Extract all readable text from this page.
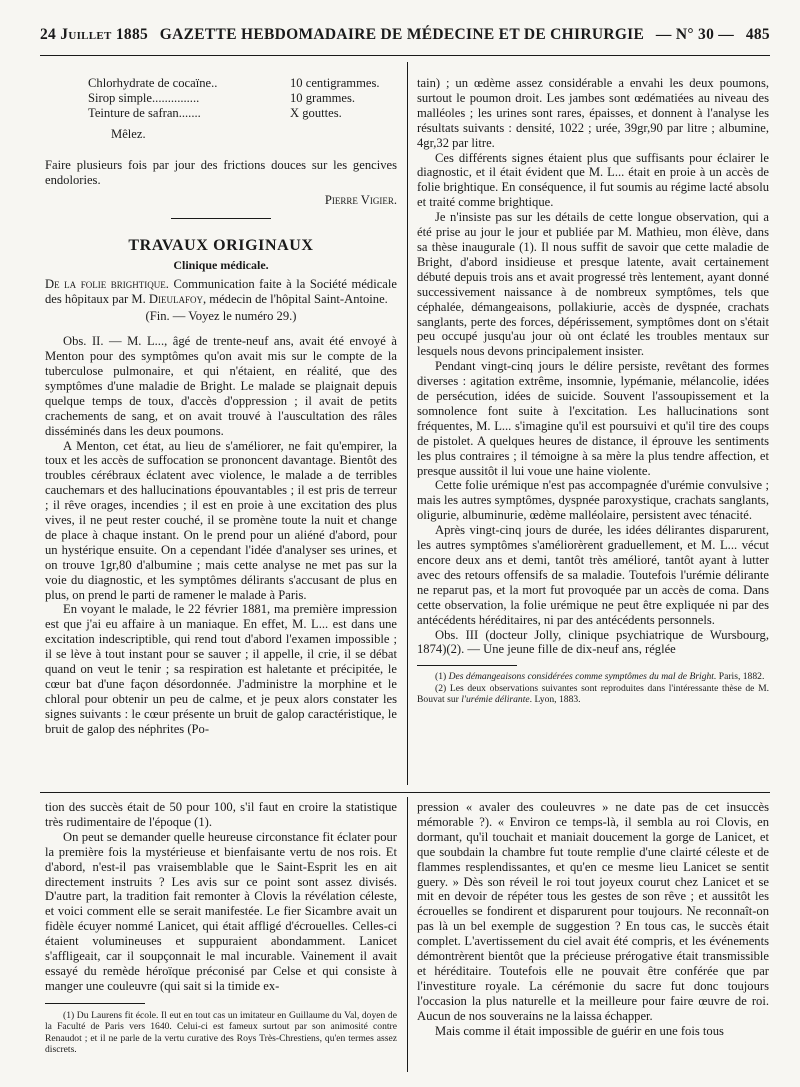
24 Juillet 1885 GAZETTE HEBDOMADAIRE DE MÉDECINE ET DE CHIRURGIE — N° 30 — 485
Chlorhydrate de cocaïne..	10 centigrammes.
Sirop simple...............	10 grammes.
Teinture de safran.......	X gouttes.

Mêlez.

Faire plusieurs fois par jour des frictions douces sur les gencives endolories.

Pierre Vigier.

TRAVAUX ORIGINAUX
Clinique médicale.

De la folie brightique. Communication faite à la Société médicale des hôpitaux par M. Dieulafoy, médecin de l'hôpital Saint-Antoine.

(Fin. — Voyez le numéro 29.)

Obs. II. — M. L..., âgé de trente-neuf ans, avait été envoyé à Menton pour des symptômes qu'on avait mis sur le compte de la tuberculose pulmonaire, et qui n'étaient, en réalité, que des symptômes d'une maladie de Bright. Le malade se plaignait depuis quelque temps de toux, d'accès d'oppression ; il avait de petits crachements de sang, et on avait trouvé à l'auscultation des râles disséminés dans les deux poumons.

A Menton, cet état, au lieu de s'améliorer, ne fait qu'empirer, la toux et les accès de suffocation se prononcent davantage. Bientôt des troubles cérébraux éclatent avec violence, le malade a de terribles cauchemars et des hallucinations épouvantables ; il est pris de terreur ; il rêve orages, incendies ; il est en proie à une excitation des plus vives, il ne peut rester couché, il se promène toute la nuit et change de place à chaque instant. On le prend pour un aliéné d'abord, pour un hystérique ensuite. On a cependant l'idée d'analyser ses urines, et on trouve 1gr,80 d'albumine ; mais cette analyse ne met pas sur la voie du diagnostic, et les symptômes délirants s'accusant de plus en plus, on prend le parti de ramener le malade à Paris.

En voyant le malade, le 22 février 1881, ma première impression est que j'ai eu affaire à un maniaque. En effet, M. L... est dans une excitation indescriptible, qui rend tout d'abord l'examen impossible ; il se lève à tout instant pour se sauver ; il appelle, il crie, il se débat quand on veut le tenir ; sa respiration est haletante et précipitée, le cœur bat d'une façon désordonnée. J'administre la morphine et le chloral pour obtenir un peu de calme, et je peux alors constater les signes suivants : le cœur présente un bruit de galop caractéristique, le bruit de galop des néphrites (Po-

tain) ; un œdème assez considérable a envahi les deux poumons, surtout le poumon droit. Les jambes sont œdématiées au niveau des malléoles ; les urines sont rares, épaisses, et donnent à l'analyse les résultats suivants : densité, 1022 ; urée, 39gr,90 par litre ; albumine, 4gr,32 par litre.

Ces différents signes étaient plus que suffisants pour éclairer le diagnostic, et il était évident que M. L... était en proie à un accès de folie brightique. En conséquence, il fut soumis au régime lacté absolu et traité comme brightique.

Je n'insiste pas sur les détails de cette longue observation, qui a été prise au jour le jour et publiée par M. Mathieu, mon élève, dans sa thèse inaugurale (1). Il nous suffit de savoir que cette maladie de Bright, d'abord insidieuse et presque latente, avait certainement débuté depuis trois ans et avait progressé très lentement, ayant donné successivement naissance à de nombreux symptômes, tels que céphalée, démangeaisons, pollakiurie, accès de dyspnée, crachats sanglants, perte des forces, dépérissement, symptômes dont on s'était peu occupé jusqu'au jour où ont éclaté les troubles mentaux sur lesquels nous devons principalement insister.

Pendant vingt-cinq jours le délire persiste, revêtant des formes diverses : agitation extrême, insomnie, lypémanie, mélancolie, idées de persécution, idées de suicide. Souvent l'assoupissement et la somnolence font suite à l'excitation. Les hallucinations sont fréquentes, M. L... s'imagine qu'il est poursuivi et qu'il tire des coups de pistolet. A quelques heures de distance, il éprouve les sentiments les plus contraires ; il témoigne à sa mère la plus tendre affection, et presque aussitôt il lui voue une haine violente.

Cette folie urémique n'est pas accompagnée d'urémie convulsive ; mais les autres symptômes, dyspnée paroxystique, crachats sanglants, oligurie, albuminurie, œdème malléolaire, persistent avec ténacité.

Après vingt-cinq jours de durée, les idées délirantes disparurent, les autres symptômes s'améliorèrent graduellement, et M. L... vécut encore deux ans et demi, tantôt très amélioré, tantôt ayant à lutter avec des retours offensifs de sa maladie. Toutefois l'urémie délirante ne reparut pas, et la mort fut provoquée par un accès de coma. Dans cette observation, la folie urémique ne peut être expliquée ni par des antécédents héréditaires, ni par des antécédents personnels.

Obs. III (docteur Jolly, clinique psychiatrique de Wursbourg, 1874)(2). — Une jeune fille de dix-neuf ans, réglée

(1) Des démangeaisons considérées comme symptômes du mal de Bright. Paris, 1882.

(2) Les deux observations suivantes sont reproduites dans l'intéressante thèse de M. Bouvat sur l'urémie délirante. Lyon, 1883.

tion des succès était de 50 pour 100, s'il faut en croire la statistique très rudimentaire de l'époque (1).

On peut se demander quelle heureuse circonstance fit éclater pour la première fois la mystérieuse et bienfaisante vertu de nos rois. Et d'abord, n'est-il pas vraisemblable que le Saint-Esprit les en ait directement instruits ? Les avis sur ce point sont assez divisés. D'autre part, la tradition fait remonter à Clovis la révélation céleste, et voici comment elle se serait manifestée. Le fier Sicambre avait un fidèle écuyer nommé Lanicet, qui était affligé d'écrouelles. Celles-ci étaient volumineuses et suppuraient abondamment. Lanicet s'affligeait, car il soupçonnait le mal incurable. Vainement il avait essayé du remède héroïque préconisé par Celse et qui consiste à manger une couleuvre (qui sait si la timide ex-

(1) Du Laurens fit école. Il eut en tout cas un imitateur en Guillaume du Val, doyen de la Faculté de Paris vers 1640. Celui-ci est fameux surtout par son animosité contre Renaudot ; et il ne parle de la vertu curative des Roys Très-Chrestiens, qu'en termes assez discrets.

pression « avaler des couleuvres » ne date pas de cet insuccès mémorable ?). « Environ ce temps-là, il sembla au roi Clovis, en dormant, qu'il touchait et maniait doucement la gorge de Lanicet, et que soubdain la chambre fut toute remplie d'une clairté céleste et de flammes resplendissantes, et qu'en ce mesme lieu Lanicet se sentit guery. » Dès son réveil le roi tout joyeux courut chez Lanicet et se mit en devoir de répéter tous les gestes de son rêve ; et aussitôt les écrouelles se fondirent et disparurent pour toujours. Ne reconnaît-on pas là un bel exemple de suggestion ? En tous cas, le succès était complet. L'avertissement du ciel avait été compris, et les événements démontrèrent bientôt que la précieuse prérogative était transmissible et héréditaire. Toutefois elle ne pouvait être conférée que par l'investiture royale. La cérémonie du sacre fut donc toujours l'occasion la plus naturelle et la meilleure pour faire œuvre de roi. Aucun de nos souverains ne la laissa échapper.

Mais comme il était impossible de guérir en une fois tous
